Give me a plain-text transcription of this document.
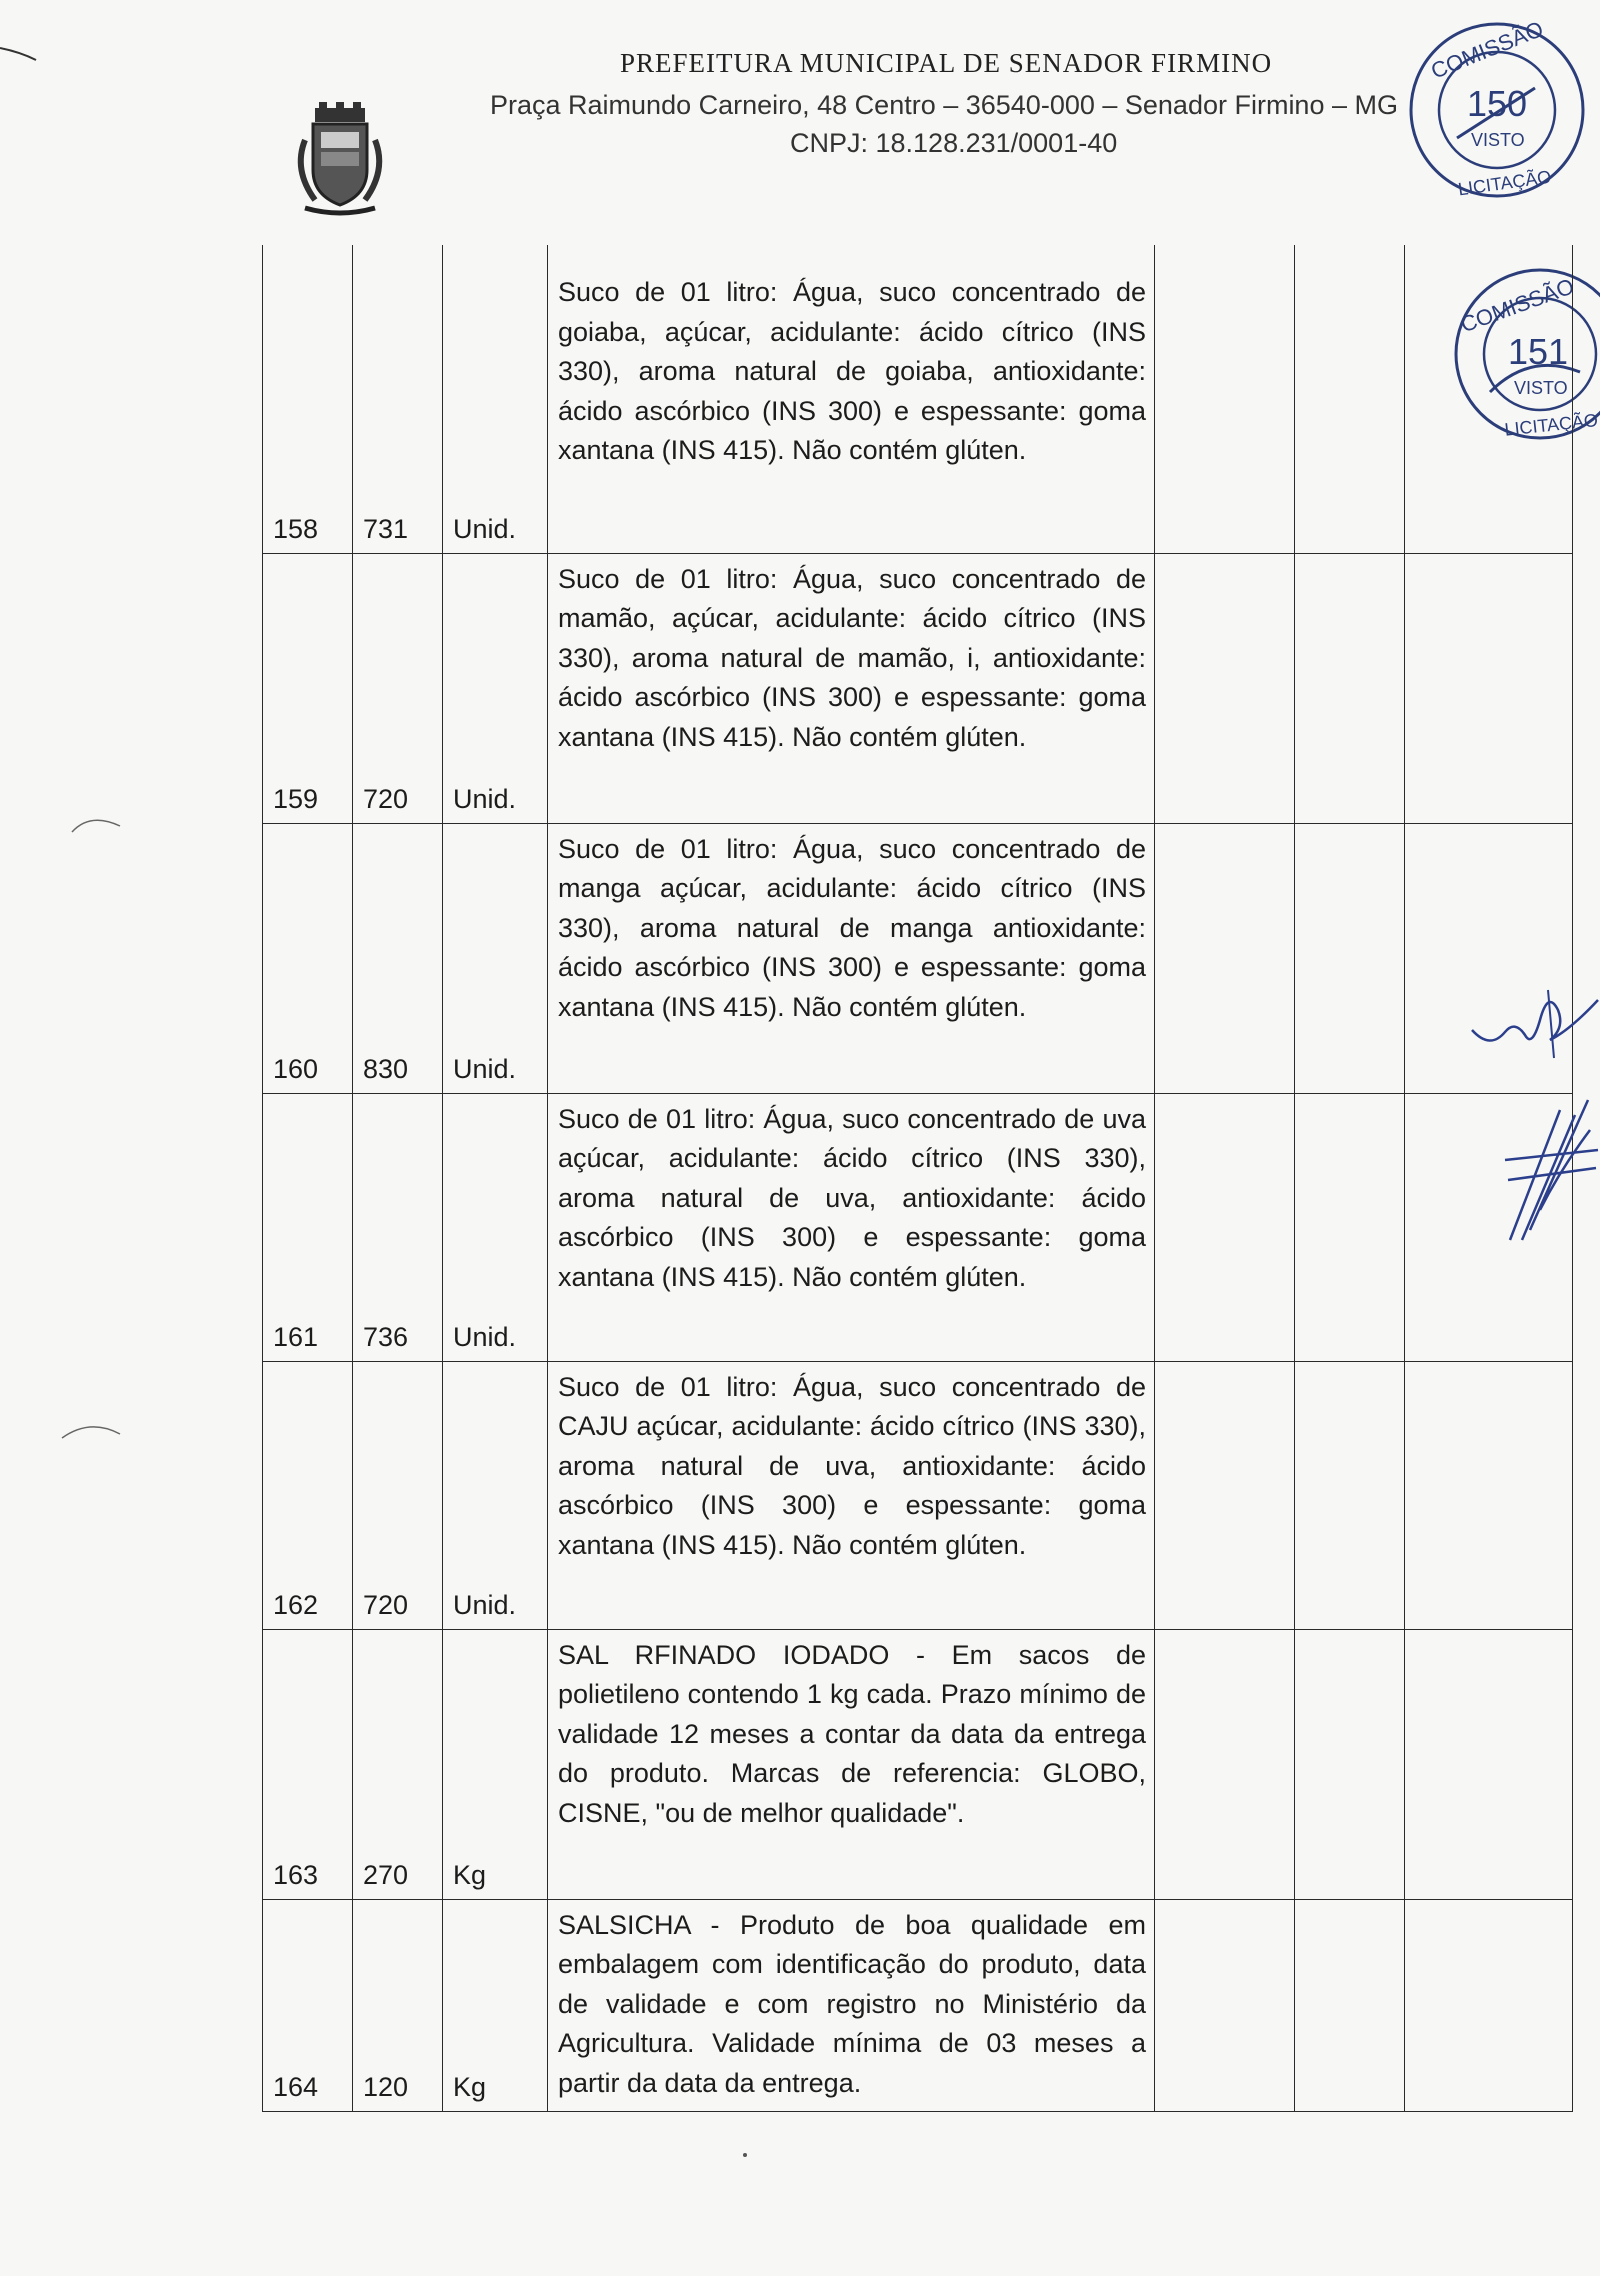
PREFEITURA MUNICIPAL DE SENADOR FIRMINO
Praça Raimundo Carneiro, 48 Centro – 36540-000 – Senador Firmino – MG
CNPJ: 18.128.231/0001-40
COMISSÃO
150
VISTO
LICITAÇÃO
COMISSÃO
151
VISTO
LICITAÇÃO
158	731	Unid.	Suco de 01 litro: Água, suco concentrado de goiaba, açúcar, acidulante: ácido cítrico (INS 330), aroma natural de goiaba, antioxidante: ácido ascórbico (INS 300) e espessante: goma xantana (INS 415). Não contém glúten.			
159	720	Unid.	Suco de 01 litro: Água, suco concentrado de mamão, açúcar, acidulante: ácido cítrico (INS 330), aroma natural de mamão, i, antioxidante: ácido ascórbico (INS 300) e espessante: goma xantana (INS 415). Não contém glúten.			
160	830	Unid.	Suco de 01 litro: Água, suco concentrado de manga açúcar, acidulante: ácido cítrico (INS 330), aroma natural de manga antioxidante: ácido ascórbico (INS 300) e espessante: goma xantana (INS 415). Não contém glúten.			
161	736	Unid.	Suco de 01 litro: Água, suco concentrado de uva açúcar, acidulante: ácido cítrico (INS 330), aroma natural de uva, antioxidante: ácido ascórbico (INS 300) e espessante: goma xantana (INS 415). Não contém glúten.			
162	720	Unid.	Suco de 01 litro: Água, suco concentrado de CAJU açúcar, acidulante: ácido cítrico (INS 330), aroma natural de uva, antioxidante: ácido ascórbico (INS 300) e espessante: goma xantana (INS 415). Não contém glúten.			
163	270	Kg	SAL RFINADO IODADO - Em sacos de polietileno contendo 1 kg cada. Prazo mínimo de validade 12 meses a contar da data da entrega do produto. Marcas de referencia: GLOBO, CISNE, "ou de melhor qualidade".			
164	120	Kg	SALSICHA - Produto de boa qualidade em embalagem com identificação do produto, data de validade e com registro no Ministério da Agricultura. Validade mínima de 03 meses a partir da data da entrega.			
